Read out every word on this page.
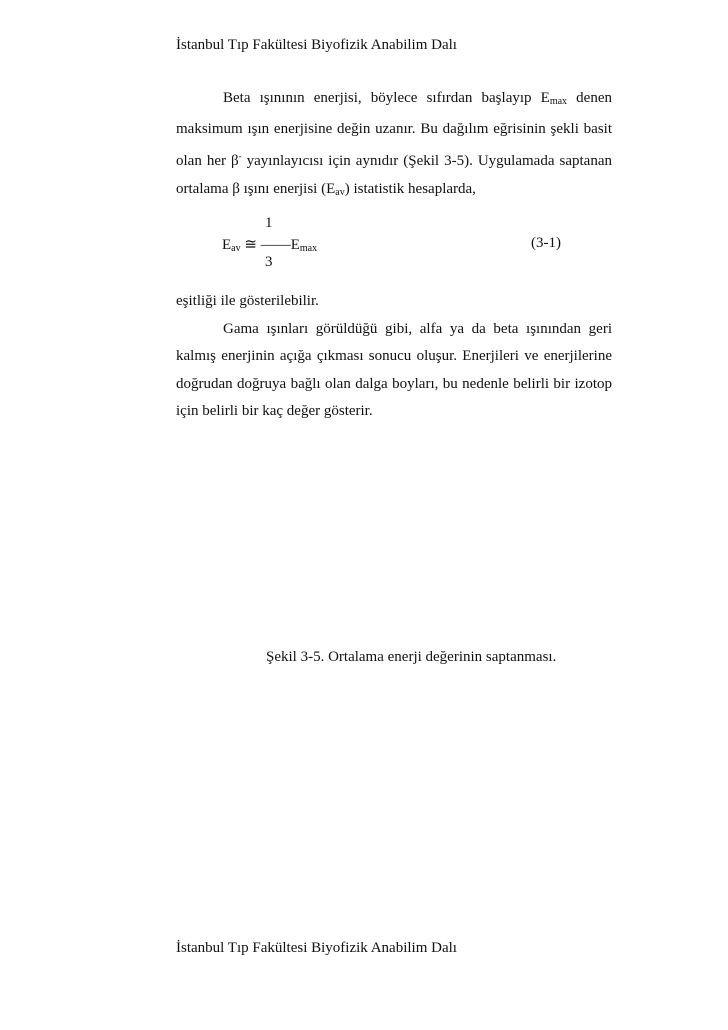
İstanbul Tıp Fakültesi Biyofizik Anabilim Dalı

Beta ışınının enerjisi, böylece sıfırdan başlayıp $E_{max}$ denen maksimum ışın enerjisine değin uzanır. Bu dağılım eğrisinin şekli basit olan her β- yayınlayıcısı için aynıdır (Şekil 3-5). Uygulamada saptanan ortalama β ışını enerjisi $(E_{av})$ istatistik hesaplarda,

1
3
$E_{av}$ ≅ $——E_{max}$	(3-1)
eşitliği ile gösterilebilir.
Gama ışınları görüldüğü gibi, alfa ya da beta ışınından geri kalmış enerjinin açığa çıkması sonucu oluşur. Enerjileri ve enerjilerine doğrudan doğruya bağlı olan dalga boyları, bu nedenle belirli bir izotop için belirli bir kaç değer gösterir.
Şekil 3-5. Ortalama enerji değerinin saptanması.
İstanbul Tıp Fakültesi Biyofizik Anabilim Dalı
